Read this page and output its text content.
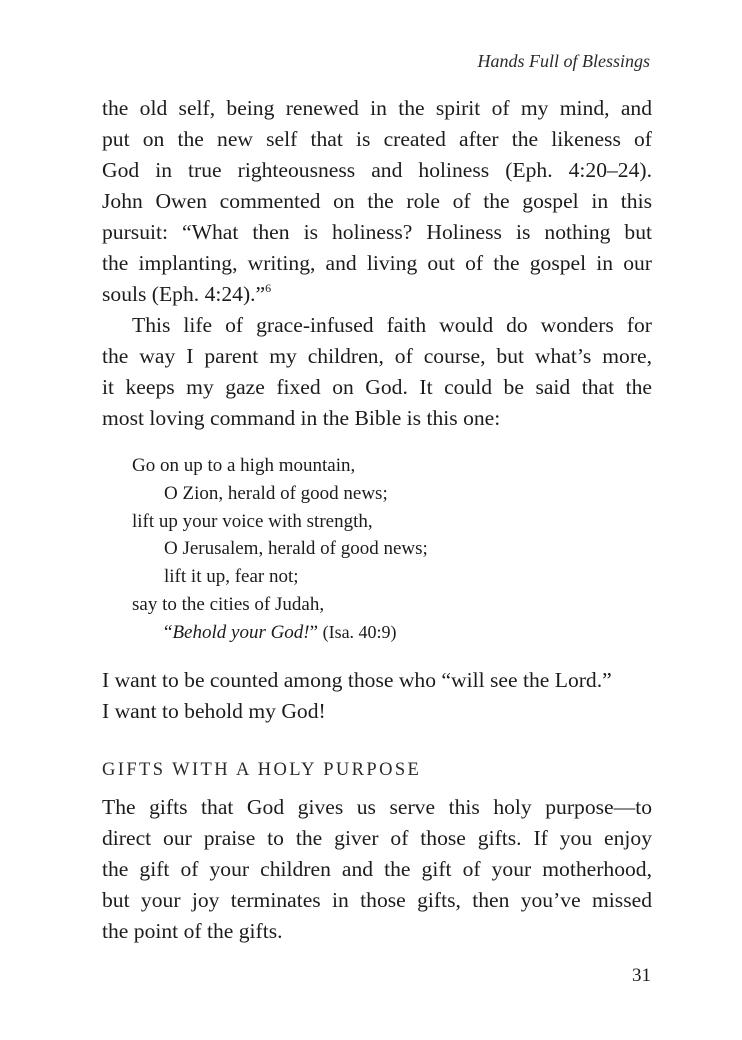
Hands Full of Blessings
the old self, being renewed in the spirit of my mind, and
put on the new self that is created after the likeness of
God in true righteousness and holiness (Eph. 4:20–24).
John Owen commented on the role of the gospel in this
pursuit: “What then is holiness? Holiness is nothing but
the implanting, writing, and living out of the gospel in our
souls (Eph. 4:24).”$^6$
This life of grace-infused faith would do wonders for
the way I parent my children, of course, but what’s more,
it keeps my gaze fixed on God. It could be said that the
most loving command in the Bible is this one:
Go on up to a high mountain,
O Zion, herald of good news;
lift up your voice with strength,
O Jerusalem, herald of good news;
lift it up, fear not;
say to the cities of Judah,
“Behold your God!” (Isa. 40:9)
I want to be counted among those who “will see the Lord.”
I want to behold my God!
GIFTS WITH A HOLY PURPOSE
The gifts that God gives us serve this holy purpose—to
direct our praise to the giver of those gifts. If you enjoy
the gift of your children and the gift of your motherhood,
but your joy terminates in those gifts, then you’ve missed
the point of the gifts.
31
